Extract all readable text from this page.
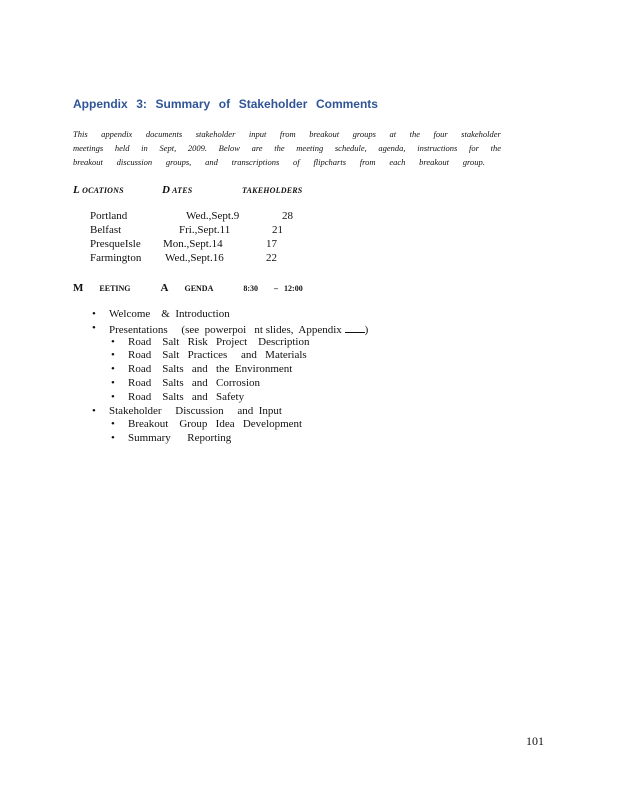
Appendix 3: Summary of Stakeholder Comments
This appendix documents stakeholder input from breakout groups at the four stakeholder
meetings held in Sept, 2009. Below are the meeting schedule, agenda, instructions for the
breakout discussion groups, and transcriptions of flipcharts from each breakout group.
L OCATIONS	D ATES	TAKEHOLDERS
Portland	Wed.,Sept.9	28
Belfast	Fri.,Sept.11	21
PresqueIsle Mon.,Sept.14	17
Farmington Wed.,Sept.16	22
M EETING	A GENDA	8:30 – 12:00
• Welcome    &  Introduction
• Presentations     (see  powerpoi   nt slides,  Appendix )
• Road    Salt   Risk   Project    Description
• Road    Salt   Practices     and   Materials
• Road    Salts   and   the  Environment
• Road    Salts   and   Corrosion
• Road    Salts   and   Safety
• Stakeholder     Discussion     and  Input
• Breakout    Group   Idea   Development
• Summary      Reporting
101
